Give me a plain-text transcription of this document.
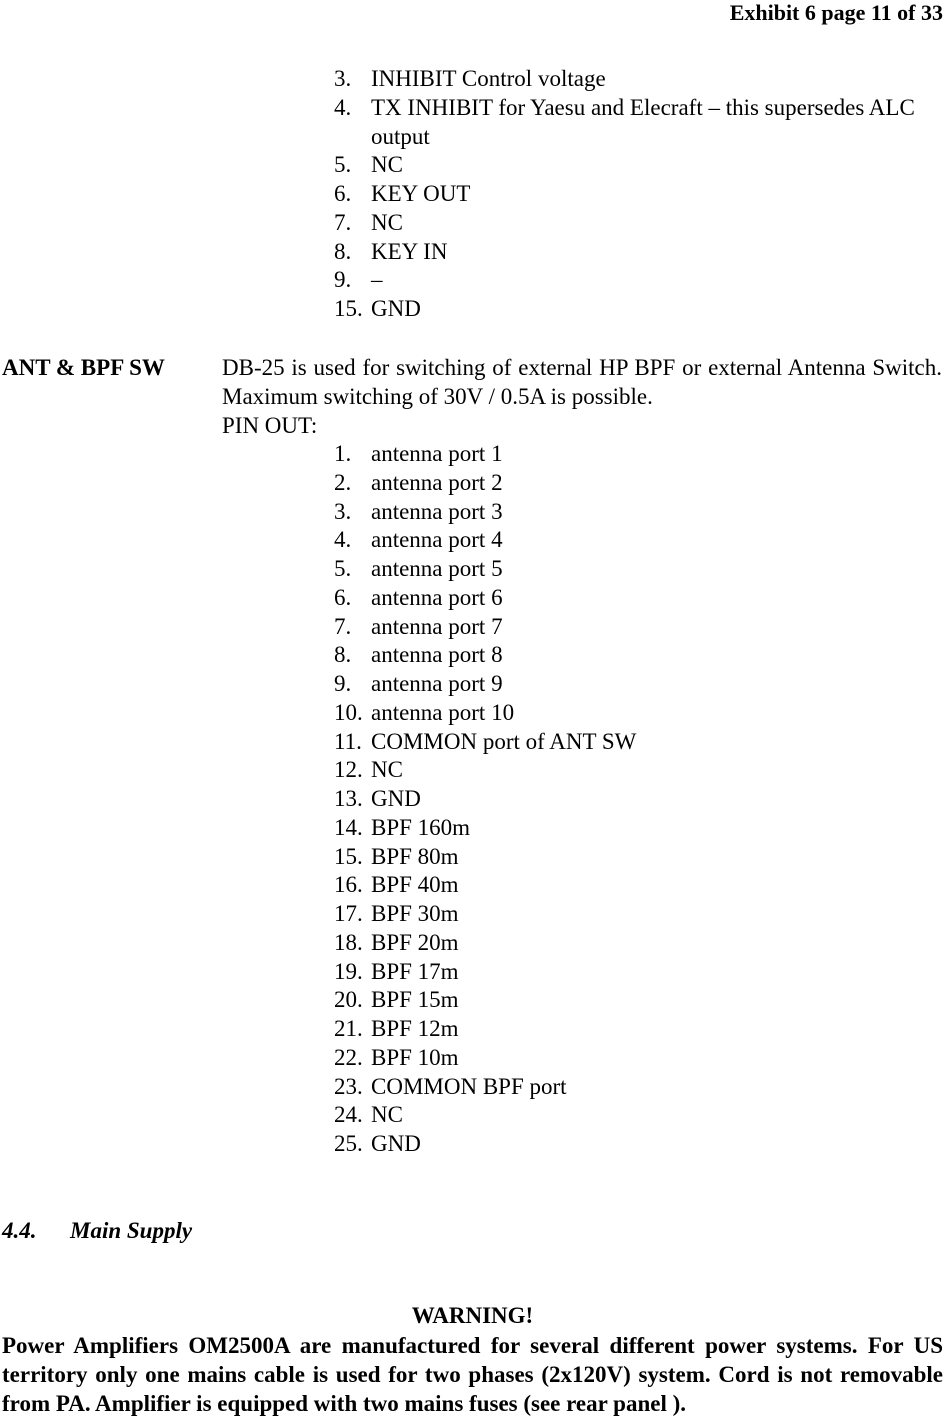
Exhibit 6 page 11 of 33
3. INHIBIT Control voltage
4. TX INHIBIT for Yaesu and Elecraft – this supersedes ALC output
5. NC
6. KEY OUT
7. NC
8. KEY IN
9. –
15. GND
ANT & BPF SW DB-25 is used for switching of external HP BPF or external Antenna Switch. Maximum switching of 30V / 0.5A is possible.
PIN OUT:
1. antenna port 1
2. antenna port 2
3. antenna port 3
4. antenna port 4
5. antenna port 5
6. antenna port 6
7. antenna port 7
8. antenna port 8
9. antenna port 9
10. antenna port 10
11. COMMON port of ANT SW
12. NC
13. GND
14. BPF 160m
15. BPF 80m
16. BPF 40m
17. BPF 30m
18. BPF 20m
19. BPF 17m
20. BPF 15m
21. BPF 12m
22. BPF 10m
23. COMMON BPF port
24. NC
25. GND
4.4. Main Supply
WARNING!
Power Amplifiers OM2500A are manufactured for several different power systems. For US territory only one mains cable is used for two phases (2x120V) system. Cord is not removable from PA. Amplifier is equipped with two mains fuses (see rear panel ).
